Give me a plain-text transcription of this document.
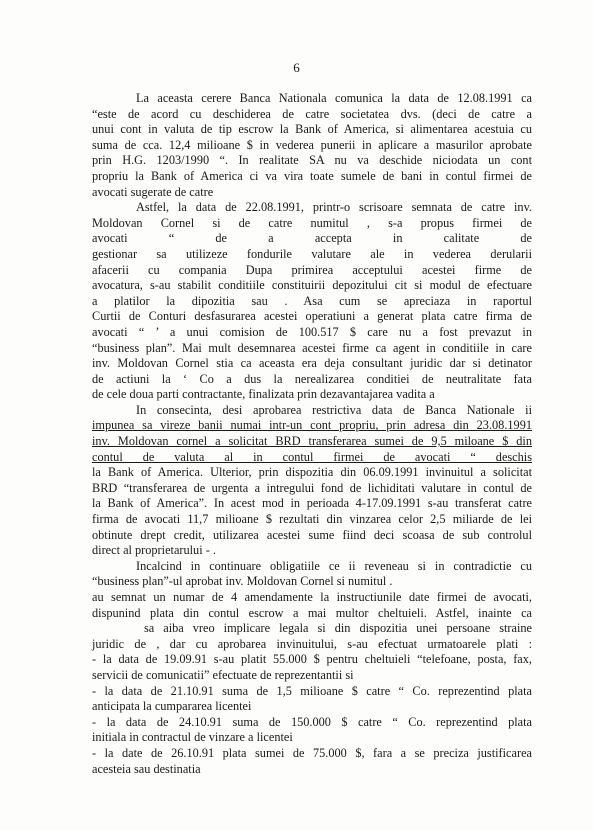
6

La aceasta cerere Banca Nationala comunica la data de 12.08.1991 ca
“este de acord cu deschiderea de catre societatea dvs. (deci de catre a
unui cont in valuta de tip escrow la Bank of America, si alimentarea acestuia cu
suma de cca. 12,4 milioane $ in vederea punerii in aplicare a masurilor aprobate
prin H.G. 1203/1990 “. In realitate SA nu va deschide niciodata un cont
propriu la Bank of America ci va vira toate sumele de bani in contul firmei de
avocati sugerate de catre

Astfel, la data de 22.08.1991, printr-o scrisoare semnata de catre inv.
Moldovan Cornel si de catre numitul , s-a propus firmei de
avocati “ de a accepta in calitate de
gestionar sa utilizeze fondurile valutare ale in vederea derularii
afacerii cu compania Dupa primirea acceptului acestei firme de
avocatura, s-au stabilit conditiile constituirii depozitului cit si modul de efectuare
a platilor la dipozitia sau . Asa cum se apreciaza in raportul
Curtii de Conturi desfasurarea acestei operatiuni a generat plata catre firma de
avocati “ ’ a unui comision de 100.517 $ care nu a fost prevazut in
“business plan”. Mai mult desemnarea acestei firme ca agent in conditiile in care
inv. Moldovan Cornel stia ca aceasta era deja consultant juridic dar si detinator
de actiuni la ‘ Co a dus la nerealizarea conditiei de neutralitate fata
de cele doua parti contractante, finalizata prin dezavantajarea vadita a

In consecinta, desi aprobarea restrictiva data de Banca Nationale ii
impunea sa vireze banii numai intr-un cont propriu, prin adresa din 23.08.1991
inv. Moldovan cornel a solicitat BRD transferarea sumei de 9,5 miloane $ din
contul de valuta al in contul firmei de avocati “ deschis
la Bank of America. Ulterior, prin dispozitia din 06.09.1991 invinuitul a solicitat
BRD “transferarea de urgenta a intregului fond de lichiditati valutare in contul de
la Bank of America”. In acest mod in perioada 4-17.09.1991 s-au transferat catre
firma de avocati 11,7 milioane $ rezultati din vinzarea celor 2,5 miliarde de lei
obtinute drept credit, utilizarea acestei sume fiind deci scoasa de sub controlul
direct al proprietarului - .

Incalcind in continuare obligatiile ce ii reveneau si in contradictie cu
“business plan”-ul aprobat inv. Moldovan Cornel si numitul .
au semnat un numar de 4 amendamente la instructiunile date firmei de avocati,
dispunind plata din contul escrow a mai multor cheltuieli. Astfel, inainte ca
sa aiba vreo implicare legala si din dispozitia unei persoane straine
juridic de , dar cu aprobarea invinuitului, s-au efectuat urmatoarele plati :
- la data de 19.09.91 s-au platit 55.000 $ pentru cheltuieli “telefoane, posta, fax,
servicii de comunicatii” efectuate de reprezentantii si
- la data de 21.10.91 suma de 1,5 milioane $ catre “ Co. reprezentind plata
anticipata la cumpararea licentei
- la data de 24.10.91 suma de 150.000 $ catre “ Co. reprezentind plata
initiala in contractul de vinzare a licentei
- la date de 26.10.91 plata sumei de 75.000 $, fara a se preciza justificarea
acesteia sau destinatia
